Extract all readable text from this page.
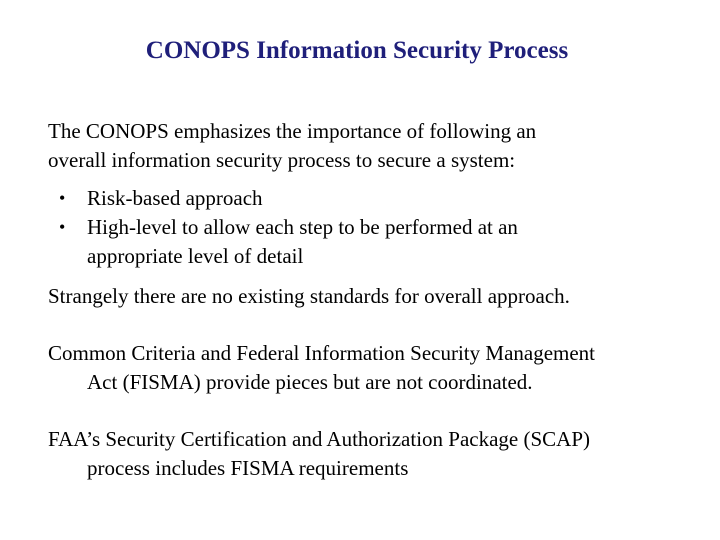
CONOPS Information Security Process
The CONOPS emphasizes the importance of following an
overall information security process to secure a system:
• Risk-based approach
• High-level to allow each step to be performed at an
appropriate level of detail
Strangely there are no existing standards for overall approach.
Common Criteria and Federal Information Security Management
Act (FISMA) provide pieces but are not coordinated.
FAA’s Security Certification and Authorization Package (SCAP)
process includes FISMA requirements
